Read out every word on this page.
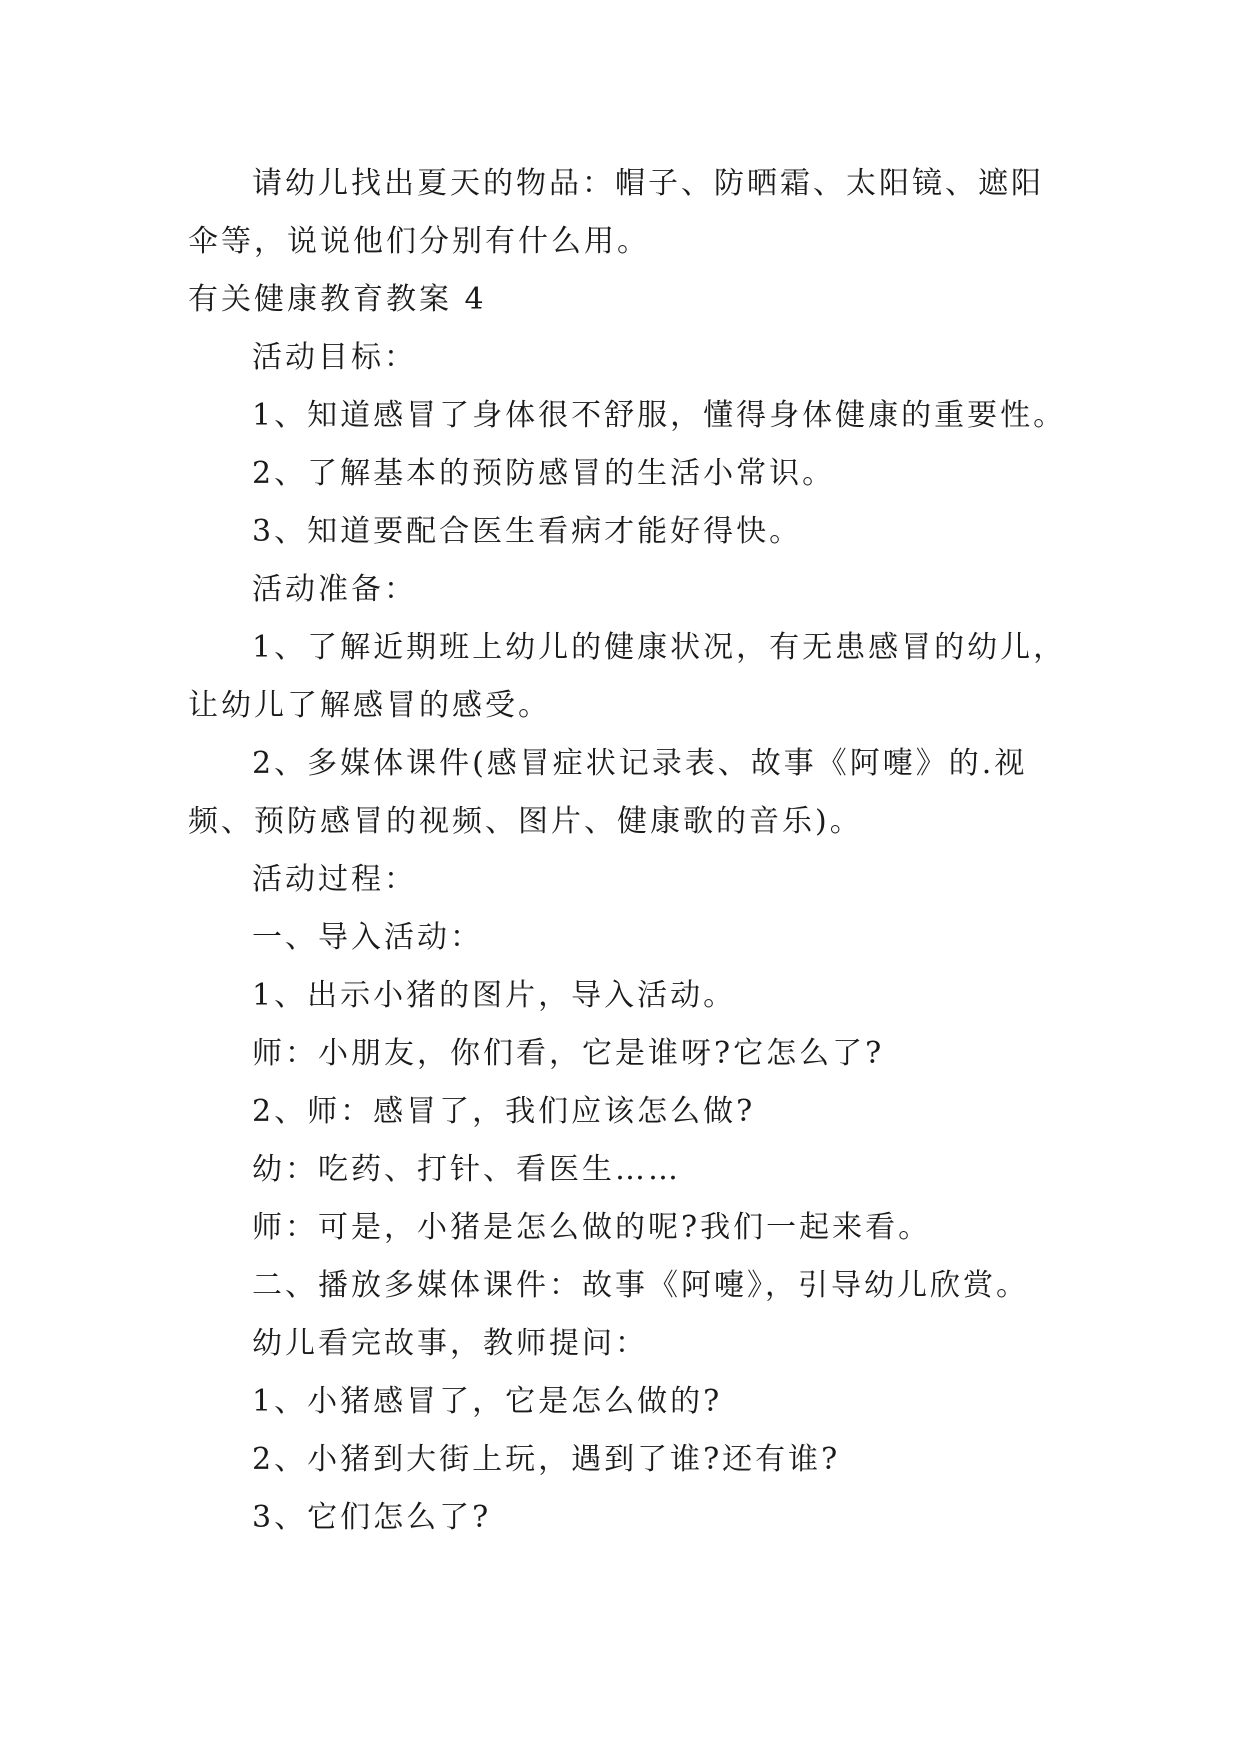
请幼儿找出夏天的物品：帽子、防晒霜、太阳镜、遮阳

伞等，说说他们分别有什么用。

有关健康教育教案 4

活动目标：

1、知道感冒了身体很不舒服，懂得身体健康的重要性。

2、了解基本的预防感冒的生活小常识。

3、知道要配合医生看病才能好得快。

活动准备：

1、了解近期班上幼儿的健康状况，有无患感冒的幼儿，

让幼儿了解感冒的感受。

2、多媒体课件(感冒症状记录表、故事《阿嚏》的.视

频、预防感冒的视频、图片、健康歌的音乐)。

活动过程：

一、导入活动：

1、出示小猪的图片，导入活动。

师：小朋友，你们看，它是谁呀?它怎么了?

2、师：感冒了，我们应该怎么做?

幼：吃药、打针、看医生……

师：可是，小猪是怎么做的呢?我们一起来看。

二、播放多媒体课件：故事《阿嚏》，引导幼儿欣赏。

幼儿看完故事，教师提问：

1、小猪感冒了，它是怎么做的?

2、小猪到大街上玩，遇到了谁?还有谁?

3、它们怎么了?
